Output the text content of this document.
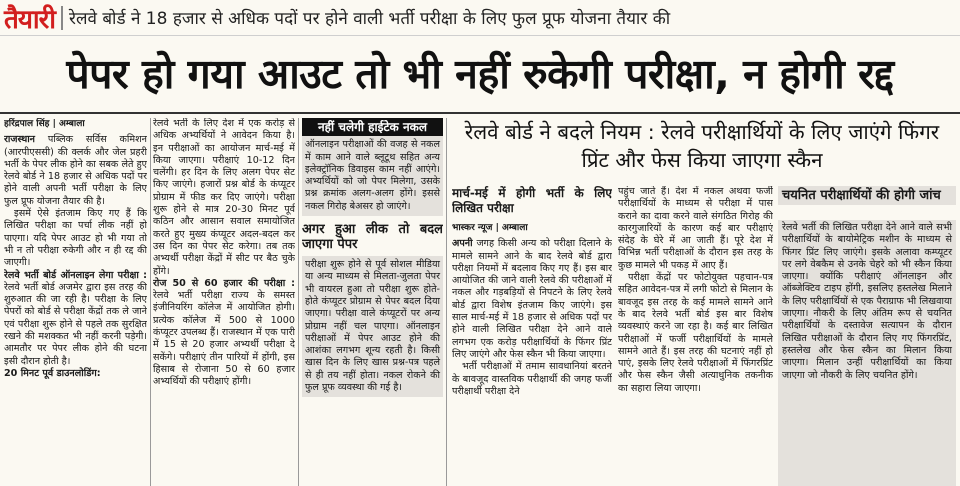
तैयारी रेलवे बोर्ड ने 18 हजार से अधिक पदों पर होने वाली भर्ती परीक्षा के लिए फुल प्रूफ योजना तैयार की
पेपर हो गया आउट तो भी नहीं रुकेगी परीक्षा, न होगी रद्द
हरिंद्रपाल सिंह | अम्बाला
राजस्थान पब्लिक सर्विस कमिशन (आरपीएससी) की क्लर्क और जेल प्रहरी भर्ती के पेपर लीक होने का सबक लेते हुए रेलवे बोर्ड ने 18 हजार से अधिक पदों पर होने वाली अपनी भर्ती परीक्षा के लिए फुल प्रूफ योजना तैयार की है।
इसमें ऐसे इंतजाम किए गए हैं कि लिखित परीक्षा का पर्चा लीक नहीं हो पाएगा। यदि पेपर आउट हो भी गया तो भी न तो परीक्षा रुकेगी और न ही रद्द की जाएगी।
रेलवे भर्ती बोर्ड ऑनलाइन लेगा परीक्षा : रेलवे भर्ती बोर्ड अजमेर द्वारा इस तरह की शुरुआत की जा रही है। परीक्षा के लिए पेपरों को बोर्ड से परीक्षा केंद्रों तक ले जाने एवं परीक्षा शुरू होने से पहले तक सुरक्षित रखने की मशक्कत भी नहीं करनी पड़ेगी। आमतौर पर पेपर लीक होने की घटना इसी दौरान होती है।
20 मिनट पूर्व डाउनलोडिंग:
रेलवे भर्ती के लिए देश में एक करोड़ से अधिक अभ्यर्थियों ने आवेदन किया है। इन परीक्षाओं का आयोजन मार्च-मई में किया जाएगा। परीक्षाएं 10-12 दिन चलेंगी। हर दिन के लिए अलग पेपर सेट किए जाएंगे। हजारों प्रश्न बोर्ड के कंप्यूटर प्रोग्राम में फीड कर दिए जाएंगे। परीक्षा शुरू होने से मात्र 20-30 मिनट पूर्व कठिन और आसान सवाल समायोजित करते हुए मुख्य कंप्यूटर अदल-बदल कर उस दिन का पेपर सेट करेगा। तब तक अभ्यर्थी परीक्षा केंद्रों में सीट पर बैठ चुके होंगे।
रोज 50 से 60 हजार की परीक्षा : रेलवे भर्ती परीक्षा राज्य के समस्त इंजीनियरिंग कॉलेज में आयोजित होगी। प्रत्येक कॉलेज में 500 से 1000 कंप्यूटर उपलब्ध हैं। राजस्थान में एक पारी में 15 से 20 हजार अभ्यर्थी परीक्षा दे सकेंगे। परीक्षाएं तीन पारियों में होंगी, इस हिसाब से रोजाना 50 से 60 हजार अभ्यर्थियों की परीक्षाएं होंगी।
नहीं चलेगी हाईटेक नकल
ऑनलाइन परीक्षाओं की वजह से नकल में काम आने वाले ब्लूटूथ सहित अन्य इलेक्ट्रॉनिक डिवाइस काम नहीं आएंगे। अभ्यर्थियों को जो पेपर मिलेगा, उसके प्रश्न क्रमांक अलग-अलग होंगे। इससे नकल गिरोह बेअसर हो जाएंगे।
अगर हुआ लीक तो बदल जाएगा पेपर
परीक्षा शुरू होने से पूर्व सोशल मीडिया या अन्य माध्यम से मिलता-जुलता पेपर भी वायरल हुआ तो परीक्षा शुरू होते-होते कंप्यूटर प्रोग्राम से पेपर बदल दिया जाएगा। परीक्षा वाले कंप्यूटरों पर अन्य प्रोग्राम नहीं चल पाएगा। ऑनलाइन परीक्षाओं में पेपर आउट होने की आशंका लगभग शून्य रहती है। किसी खास दिन के लिए खास प्रश्न-पत्र पहले से ही तय नहीं होता। नकल रोकने की फुल प्रूफ व्यवस्था की गई है।
रेलवे बोर्ड ने बदले नियम : रेलवे परीक्षार्थियों के लिए जाएंगे फिंगर प्रिंट और फेस किया जाएगा स्कैन
मार्च-मई में होगी भर्ती के लिए लिखित परीक्षा
भास्कर न्यूज | अम्बाला
अपनी जगह किसी अन्य को परीक्षा दिलाने के मामले सामने आने के बाद रेलवे बोर्ड द्वारा परीक्षा नियमों में बदलाव किए गए हैं। इस बार आयोजित की जाने वाली रेलवे की परीक्षाओं में नकल और गड़बड़ियों से निपटने के लिए रेलवे बोर्ड द्वारा विशेष इंतजाम किए जाएंगे। इस साल मार्च-मई में 18 हजार से अधिक पदों पर होने वाली लिखित परीक्षा देने आने वाले लगभग एक करोड़ परीक्षार्थियों के फिंगर प्रिंट लिए जाएंगे और फेस स्कैन भी किया जाएगा।
भर्ती परीक्षाओं में तमाम सावधानियां बरतने के बावजूद वास्तविक परीक्षार्थी की जगह फर्जी परीक्षार्थी परीक्षा देने
पहुंच जाते हैं। देश में नकल अथवा फर्जी परीक्षार्थियों के माध्यम से परीक्षा में पास कराने का दावा करने वाले संगठित गिरोह की कारगुजारियों के कारण कई बार परीक्षाएं संदेह के घेरे में आ जाती हैं। पूरे देश में विभिन्न भर्ती परीक्षाओं के दौरान इस तरह के कुछ मामले भी पकड़ में आए हैं।
परीक्षा केंद्रों पर फोटोयुक्त पहचान-पत्र सहित आवेदन-पत्र में लगी फोटो से मिलान के बावजूद इस तरह के कई मामले सामने आने के बाद रेलवे भर्ती बोर्ड इस बार विशेष व्यवस्थाएं करने जा रहा है। कई बार लिखित परीक्षाओं में फर्जी परीक्षार्थियों के मामले सामने आते हैं। इस तरह की घटनाएं नहीं हो पाएं, इसके लिए रेलवे परीक्षाओं में फिंगरप्रिंट और फेस स्कैन जैसी अत्याधुनिक तकनीक का सहारा लिया जाएगा।
चयनित परीक्षार्थियों की होगी जांच
रेलवे भर्ती की लिखित परीक्षा देने आने वाले सभी परीक्षार्थियों के बायोमेट्रिक मशीन के माध्यम से फिंगर प्रिंट लिए जाएंगे। इसके अलावा कम्प्यूटर पर लगे वेबकैम से उनके चेहरे को भी स्कैन किया जाएगा। क्योंकि परीक्षाएं ऑनलाइन और ऑब्जेक्टिव टाइप होंगी, इसलिए हस्तलेख मिलाने के लिए परीक्षार्थियों से एक पैराग्राफ भी लिखवाया जाएगा। नौकरी के लिए अंतिम रूप से चयनित परीक्षार्थियों के दस्तावेज सत्यापन के दौरान लिखित परीक्षाओं के दौरान लिए गए फिंगरप्रिंट, हस्तलेख और फेस स्कैन का मिलान किया जाएगा। मिलान उन्हीं परीक्षार्थियों का किया जाएगा जो नौकरी के लिए चयनित होंगे।
